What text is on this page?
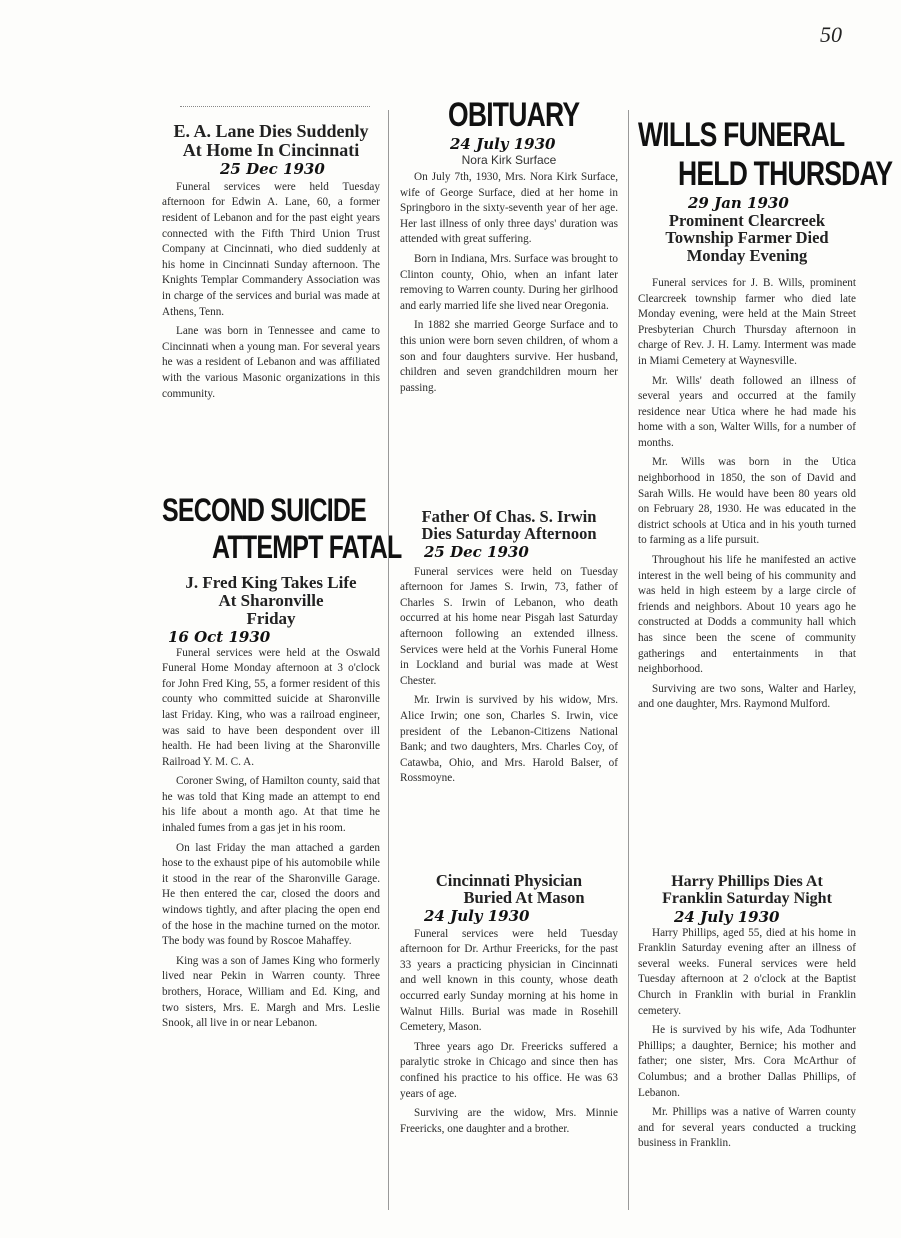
50
E. A. Lane Dies Suddenly
At Home In Cincinnati
25 Dec 1930

Funeral services were held Tuesday afternoon for Edwin A. Lane, 60, a former resident of Lebanon and for the past eight years connected with the Fifth Third Union Trust Company at Cincinnati, who died suddenly at his home in Cincinnati Sunday afternoon. The Knights Templar Commandery Association was in charge of the services and burial was made at Athens, Tenn.

Lane was born in Tennessee and came to Cincinnati when a young man. For several years he was a resident of Lebanon and was affiliated with the various Masonic organizations in this community.

SECOND SUICIDE
ATTEMPT FATAL
J. Fred King Takes Life
At Sharonville
Friday
16 Oct 1930

Funeral services were held at the Oswald Funeral Home Monday afternoon at 3 o'clock for John Fred King, 55, a former resident of this county who committed suicide at Sharonville last Friday. King, who was a railroad engineer, was said to have been despondent over ill health. He had been living at the Sharonville Railroad Y. M. C. A.

Coroner Swing, of Hamilton county, said that he was told that King made an attempt to end his life about a month ago. At that time he inhaled fumes from a gas jet in his room.

On last Friday the man attached a garden hose to the exhaust pipe of his automobile while it stood in the rear of the Sharonville Garage. He then entered the car, closed the doors and windows tightly, and after placing the open end of the hose in the machine turned on the motor. The body was found by Roscoe Mahaffey.

King was a son of James King who formerly lived near Pekin in Warren county. Three brothers, Horace, William and Ed. King, and two sisters, Mrs. E. Margh and Mrs. Leslie Snook, all live in or near Lebanon.

OBITUARY
24 July 1930
Nora Kirk Surface

On July 7th, 1930, Mrs. Nora Kirk Surface, wife of George Surface, died at her home in Springboro in the sixty-seventh year of her age. Her last illness of only three days' duration was attended with great suffering.

Born in Indiana, Mrs. Surface was brought to Clinton county, Ohio, when an infant later removing to Warren county. During her girlhood and early married life she lived near Oregonia.

In 1882 she married George Surface and to this union were born seven children, of whom a son and four daughters survive. Her husband, children and seven grandchildren mourn her passing.

Father Of Chas. S. Irwin
Dies Saturday Afternoon
25 Dec 1930

Funeral services were held on Tuesday afternoon for James S. Irwin, 73, father of Charles S. Irwin of Lebanon, who death occurred at his home near Pisgah last Saturday afternoon following an extended illness. Services were held at the Vorhis Funeral Home in Lockland and burial was made at West Chester.

Mr. Irwin is survived by his widow, Mrs. Alice Irwin; one son, Charles S. Irwin, vice president of the Lebanon-Citizens National Bank; and two daughters, Mrs. Charles Coy, of Catawba, Ohio, and Mrs. Harold Balser, of Rossmoyne.

Cincinnati Physician
Buried At Mason
24 July 1930

Funeral services were held Tuesday afternoon for Dr. Arthur Freericks, for the past 33 years a practicing physician in Cincinnati and well known in this county, whose death occurred early Sunday morning at his home in Walnut Hills. Burial was made in Rosehill Cemetery, Mason.

Three years ago Dr. Freericks suffered a paralytic stroke in Chicago and since then has confined his practice to his office. He was 63 years of age.

Surviving are the widow, Mrs. Minnie Freericks, one daughter and a brother.

WILLS FUNERAL
HELD THURSDAY
29 Jan 1930
Prominent Clearcreek
Township Farmer Died
Monday Evening

Funeral services for J. B. Wills, prominent Clearcreek township farmer who died late Monday evening, were held at the Main Street Presbyterian Church Thursday afternoon in charge of Rev. J. H. Lamy. Interment was made in Miami Cemetery at Waynesville.

Mr. Wills' death followed an illness of several years and occurred at the family residence near Utica where he had made his home with a son, Walter Wills, for a number of months.

Mr. Wills was born in the Utica neighborhood in 1850, the son of David and Sarah Wills. He would have been 80 years old on February 28, 1930. He was educated in the district schools at Utica and in his youth turned to farming as a life pursuit.

Throughout his life he manifested an active interest in the well being of his community and was held in high esteem by a large circle of friends and neighbors. About 10 years ago he constructed at Dodds a community hall which has since been the scene of community gatherings and entertainments in that neighborhood.

Surviving are two sons, Walter and Harley, and one daughter, Mrs. Raymond Mulford.

Harry Phillips Dies At
Franklin Saturday Night
24 July 1930

Harry Phillips, aged 55, died at his home in Franklin Saturday evening after an illness of several weeks. Funeral services were held Tuesday afternoon at 2 o'clock at the Baptist Church in Franklin with burial in Franklin cemetery.

He is survived by his wife, Ada Todhunter Phillips; a daughter, Bernice; his mother and father; one sister, Mrs. Cora McArthur of Columbus; and a brother Dallas Phillips, of Lebanon.

Mr. Phillips was a native of Warren county and for several years conducted a trucking business in Franklin.
